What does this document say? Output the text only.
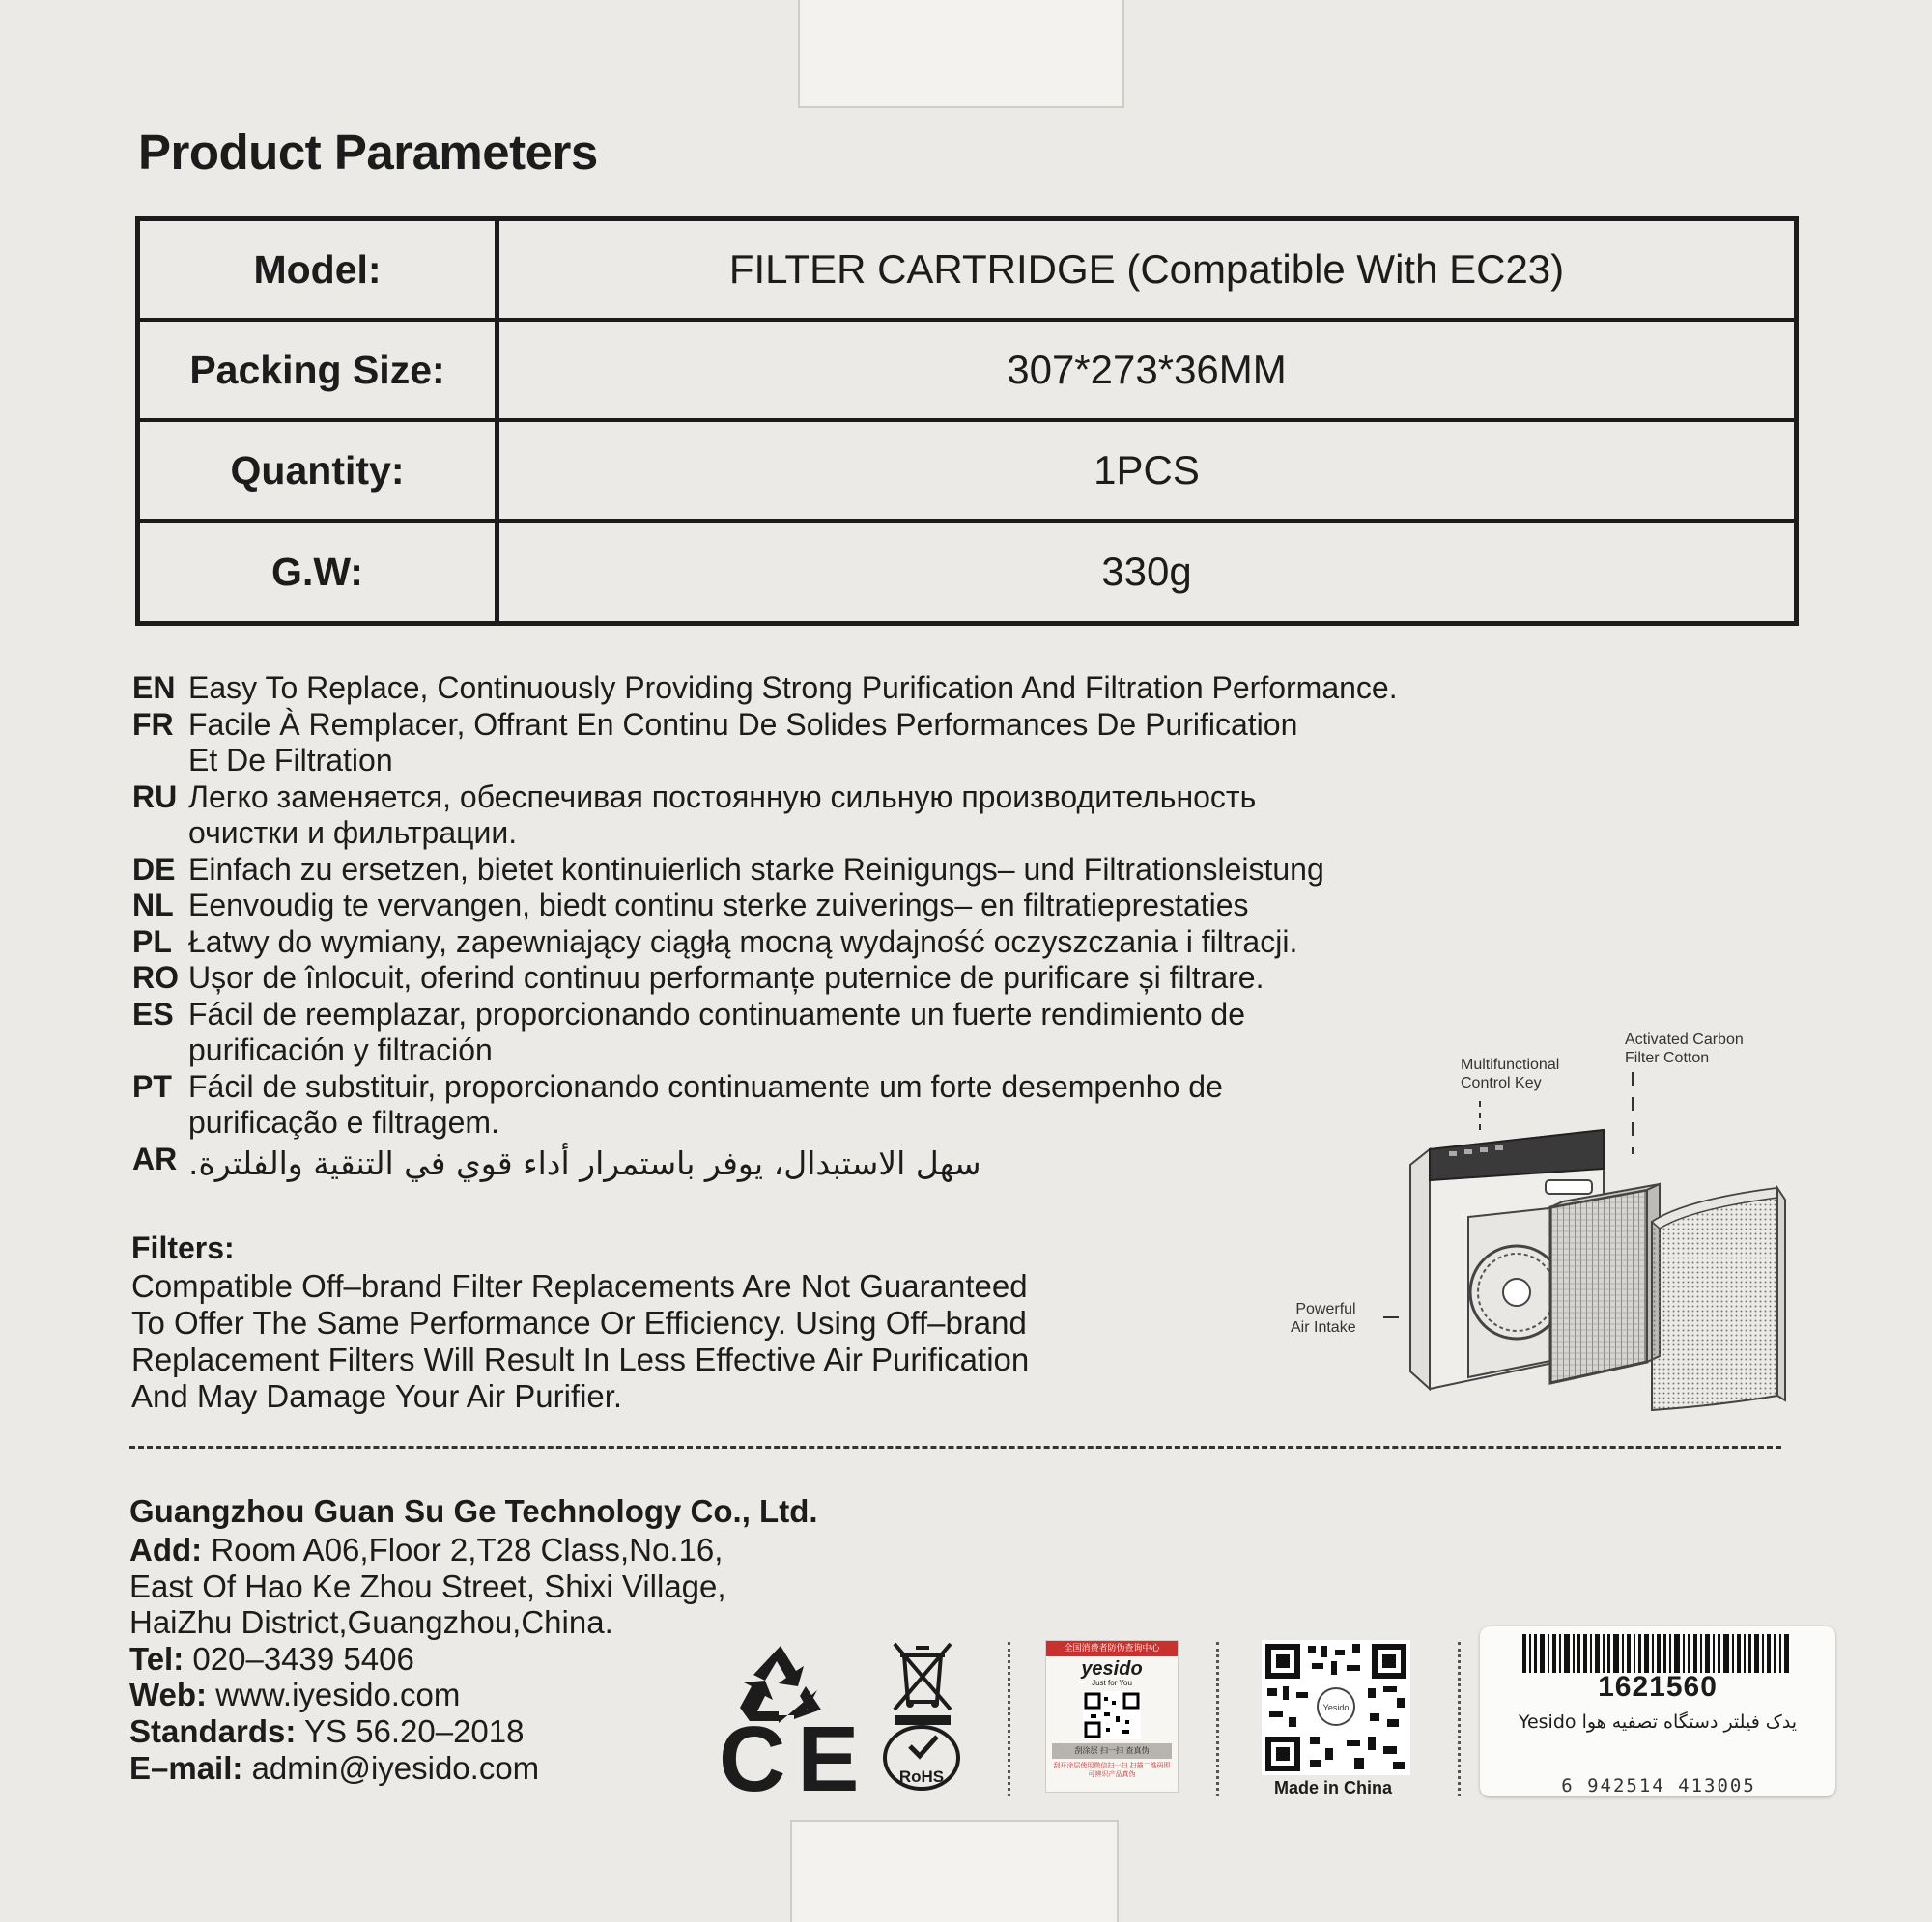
Product Parameters
Model:	FILTER CARTRIDGE (Compatible With EC23)
Packing Size:	307*273*36MM
Quantity:	1PCS
G.W:	330g
EN Easy To Replace, Continuously Providing Strong Purification And Filtration Performance.
FR Facile À Remplacer, Offrant En Continu De Solides Performances De Purification
Et De Filtration
RU Легко заменяется, обеспечивая постоянную сильную производительность
очистки и фильтрации.
DE Einfach zu ersetzen, bietet kontinuierlich starke Reinigungs– und Filtrationsleistung
NL Eenvoudig te vervangen, biedt continu sterke zuiverings– en filtratieprestaties
PL Łatwy do wymiany, zapewniający ciągłą mocną wydajność oczyszczania i filtracji.
RO Ușor de înlocuit, oferind continuu performanțe puternice de purificare și filtrare.
ES Fácil de reemplazar, proporcionando continuamente un fuerte rendimiento de
purificación y filtración
PT Fácil de substituir, proporcionando continuamente um forte desempenho de
purificação e filtragem.
AR سهل الاستبدال، يوفر باستمرار أداء قوي في التنقية والفلترة.
Filters:
Compatible Off–brand Filter Replacements Are Not Guaranteed
To Offer The Same Performance Or Efficiency. Using Off–brand
Replacement Filters Will Result In Less Effective Air Purification
And May Damage Your Air Purifier.
Multifunctional
Control Key
Activated Carbon
Filter Cotton
Powerful
Air Intake
Guangzhou Guan Su Ge Technology Co., Ltd.
Add: Room A06,Floor 2,T28 Class,No.16,
East Of Hao Ke Zhou Street, Shixi Village,
HaiZhu District,Guangzhou,China.
Tel: 020–3439 5406
Web: www.iyesido.com
Standards: YS 56.20–2018
E–mail: admin@iyesido.com	CE	RoHS
全国消费者防伪查询中心
yesido
Just for You
刮涂层 扫一扫 查真伪
刮开涂层使用微信扫一扫 扫描二维码即可辨识产品真伪
Yesido
Made in China
1621560
یدک فیلتر دستگاه تصفیه هوا Yesido
6 942514 413005
